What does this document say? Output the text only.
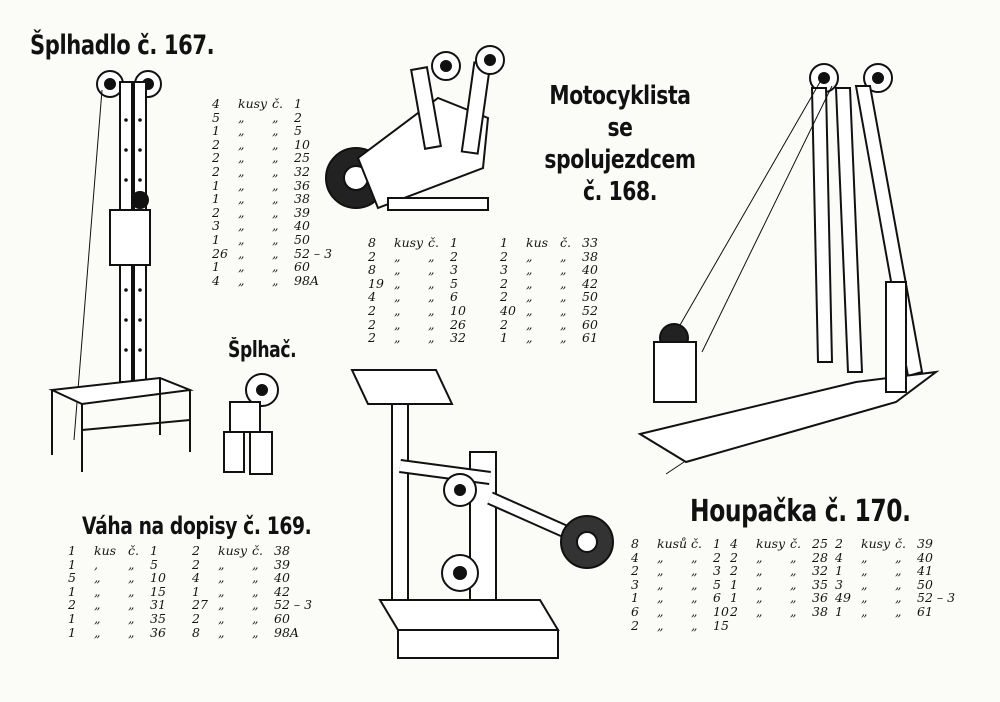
Šplhadlo č. 167.
Šplhač.
Motocyklista
se spolujezdcem
č. 168.
Váha na dopisy č. 169.	Houpačka č. 170.
4	kusy	č.	1
5	„	„	2
1	„	„	5
2	„	„	10
2	„	„	25
2	„	„	32
1	„	„	36
1	„	„	38
2	„	„	39
3	„	„	40
1	„	„	50
26	„	„	52 – 3
1	„	„	60
4	„	„	98A
8	kusy	č.	1
2	„	„	2
8	„	„	3
19	„	„	5
4	„	„	6
2	„	„	10
2	„	„	26
2	„	„	32
1	kus	č.	33
2	„	„	38
3	„	„	40
2	„	„	42
2	„	„	50
40	„	„	52
2	„	„	60
1	„	„	61
1	kus	č.	1
1	,	„	5
5	„	„	10
1	„	„	15
2	„	„	31
1	„	„	35
1	„	„	36
2	kusy	č.	38
2	„	„	39
4	„	„	40
1	„	„	42
27	„	„	52 – 3
2	„	„	60
8	„	„	98A
8	kusů	č.	1
4	„	„	2
2	„	„	3
3	„	„	5
1	„	„	6
6	„	„	10
2	„	„	15
4	kusy	č.	25
2	„	„	28
2	„	„	32
1	„	„	35
1	„	„	36
2	„	„	38
2	kusy	č.	39
4	„	„	40
1	„	„	41
3	„	„	50
49	„	„	52 – 3
1	„	„	61
